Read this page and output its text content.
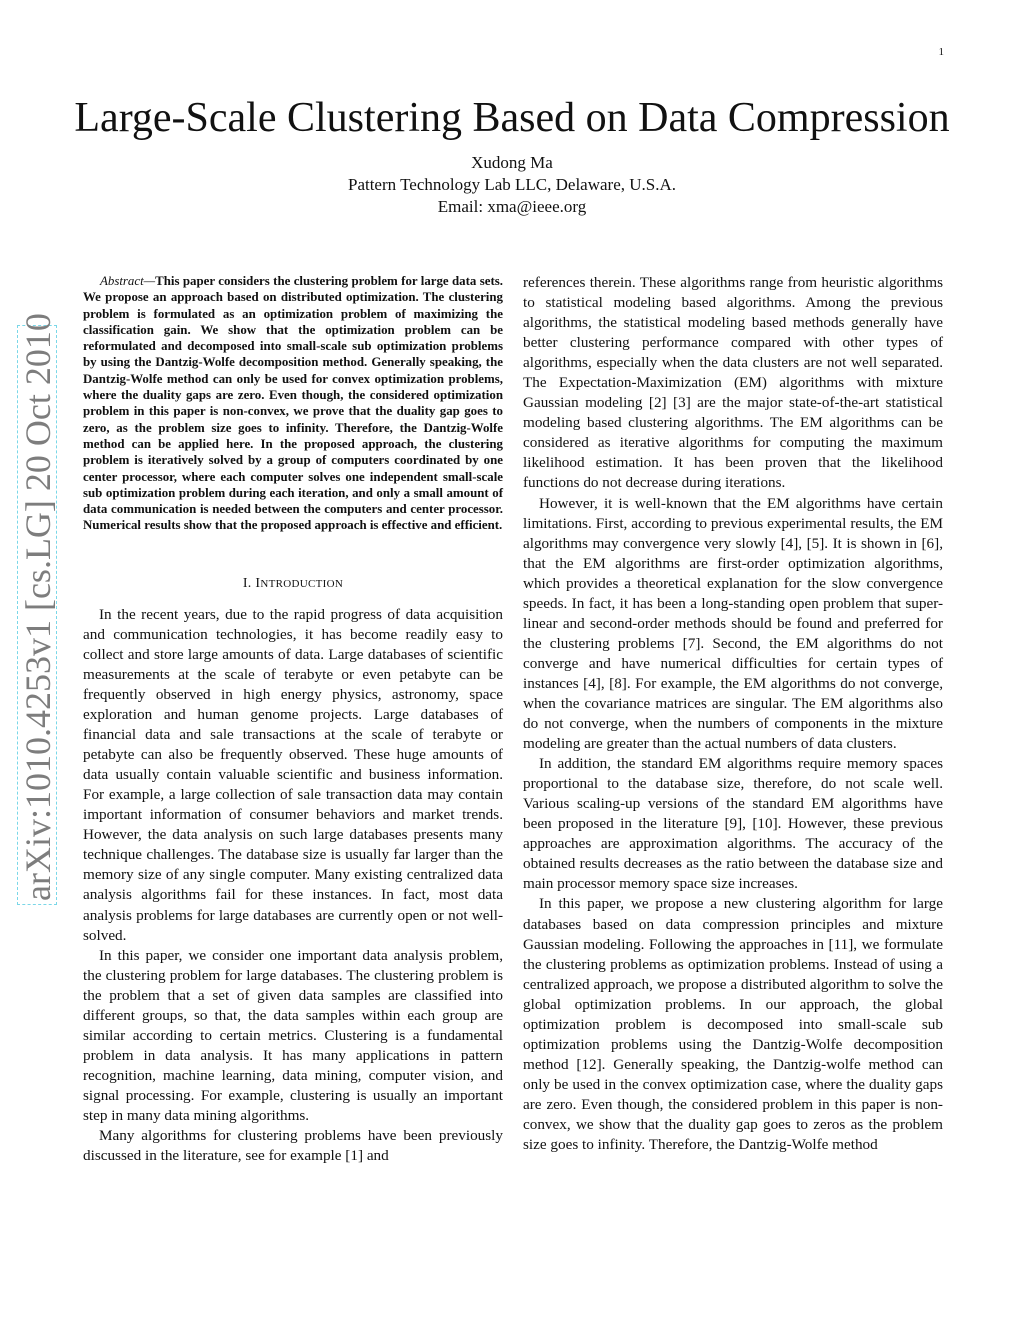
1
arXiv:1010.4253v1 [cs.LG] 20 Oct 2010
Large-Scale Clustering Based on Data Compression
Xudong Ma
Pattern Technology Lab LLC, Delaware, U.S.A.
Email: xma@ieee.org

Abstract—This paper considers the clustering problem for large data sets. We propose an approach based on distributed optimization. The clustering problem is formulated as an optimization problem of maximizing the classification gain. We show that the optimization problem can be reformulated and decomposed into small-scale sub optimization problems by using the Dantzig-Wolfe decomposition method. Generally speaking, the Dantzig-Wolfe method can only be used for convex optimization problems, where the duality gaps are zero. Even though, the considered optimization problem in this paper is non-convex, we prove that the duality gap goes to zero, as the problem size goes to infinity. Therefore, the Dantzig-Wolfe method can be applied here. In the proposed approach, the clustering problem is iteratively solved by a group of computers coordinated by one center processor, where each computer solves one independent small-scale sub optimization problem during each iteration, and only a small amount of data communication is needed between the computers and center processor. Numerical results show that the proposed approach is effective and efficient.

I. INTRODUCTION

In the recent years, due to the rapid progress of data acquisition and communication technologies, it has become readily easy to collect and store large amounts of data. Large databases of scientific measurements at the scale of terabyte or even petabyte can be frequently observed in high energy physics, astronomy, space exploration and human genome projects. Large databases of financial data and sale transactions at the scale of terabyte or petabyte can also be frequently observed. These huge amounts of data usually contain valuable scientific and business information. For example, a large collection of sale transaction data may contain important information of consumer behaviors and market trends. However, the data analysis on such large databases presents many technique challenges. The database size is usually far larger than the memory size of any single computer. Many existing centralized data analysis algorithms fail for these instances. In fact, most data analysis problems for large databases are currently open or not well-solved.

In this paper, we consider one important data analysis problem, the clustering problem for large databases. The clustering problem is the problem that a set of given data samples are classified into different groups, so that, the data samples within each group are similar according to certain metrics. Clustering is a fundamental problem in data analysis. It has many applications in pattern recognition, machine learning, data mining, computer vision, and signal processing. For example, clustering is usually an important step in many data mining algorithms.

Many algorithms for clustering problems have been previously discussed in the literature, see for example [1] and

references therein. These algorithms range from heuristic algorithms to statistical modeling based algorithms. Among the previous algorithms, the statistical modeling based methods generally have better clustering performance compared with other types of algorithms, especially when the data clusters are not well separated. The Expectation-Maximization (EM) algorithms with mixture Gaussian modeling [2] [3] are the major state-of-the-art statistical modeling based clustering algorithms. The EM algorithms can be considered as iterative algorithms for computing the maximum likelihood estimation. It has been proven that the likelihood functions do not decrease during iterations.

However, it is well-known that the EM algorithms have certain limitations. First, according to previous experimental results, the EM algorithms may convergence very slowly [4], [5]. It is shown in [6], that the EM algorithms are first-order optimization algorithms, which provides a theoretical explanation for the slow convergence speeds. In fact, it has been a long-standing open problem that super-linear and second-order methods should be found and preferred for the clustering problems [7]. Second, the EM algorithms do not converge and have numerical difficulties for certain types of instances [4], [8]. For example, the EM algorithms do not converge, when the covariance matrices are singular. The EM algorithms also do not converge, when the numbers of components in the mixture modeling are greater than the actual numbers of data clusters.

In addition, the standard EM algorithms require memory spaces proportional to the database size, therefore, do not scale well. Various scaling-up versions of the standard EM algorithms have been proposed in the literature [9], [10]. However, these previous approaches are approximation algorithms. The accuracy of the obtained results decreases as the ratio between the database size and main processor memory space size increases.

In this paper, we propose a new clustering algorithm for large databases based on data compression principles and mixture Gaussian modeling. Following the approaches in [11], we formulate the clustering problems as optimization problems. Instead of using a centralized approach, we propose a distributed algorithm to solve the global optimization problems. In our approach, the global optimization problem is decomposed into small-scale sub optimization problems using the Dantzig-Wolfe decomposition method [12]. Generally speaking, the Dantzig-wolfe method can only be used in the convex optimization case, where the duality gaps are zero. Even though, the considered problem in this paper is non-convex, we show that the duality gap goes to zeros as the problem size goes to infinity. Therefore, the Dantzig-Wolfe method
